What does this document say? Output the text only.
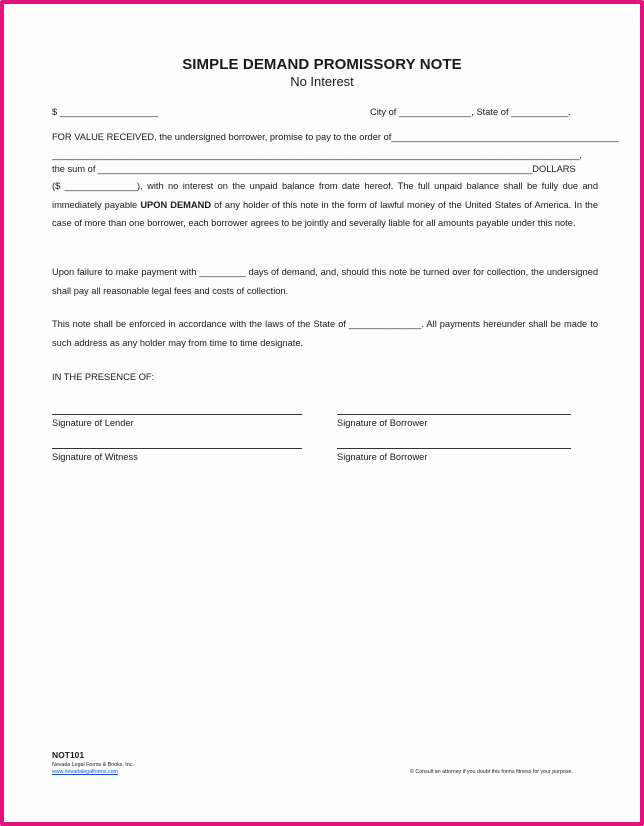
SIMPLE DEMAND PROMISSORY NOTE
No Interest
$ ___________________	City of ______________, State of ___________.
FOR VALUE RECEIVED, the undersigned borrower, promise to pay to the order of____________________________________________
______________________________________________________________________________________________________,
the sum of ____________________________________________________________________________________DOLLARS
($ ______________), with no interest on the unpaid balance from date hereof. The full unpaid balance shall be fully due and immediately payable UPON DEMAND of any holder of this note in the form of lawful money of the United States of America. In the case of more than one borrower, each borrower agrees to be jointly and severally liable for all amounts payable under this note.
Upon failure to make payment with _________ days of demand, and, should this note be turned over for collection, the undersigned shall pay all reasonable legal fees and costs of collection.
This note shall be enforced in accordance with the laws of the State of ______________. All payments hereunder shall be made to such address as any holder may from time to time designate.
IN THE PRESENCE OF:
Signature of Lender	Signature of Borrower
Signature of Witness	Signature of Borrower
NOT101
Nevada Legal Forms & Books, Inc.
www.nevadalegalforms.com	© Consult an attorney if you doubt this forms fitness for your purpose.
